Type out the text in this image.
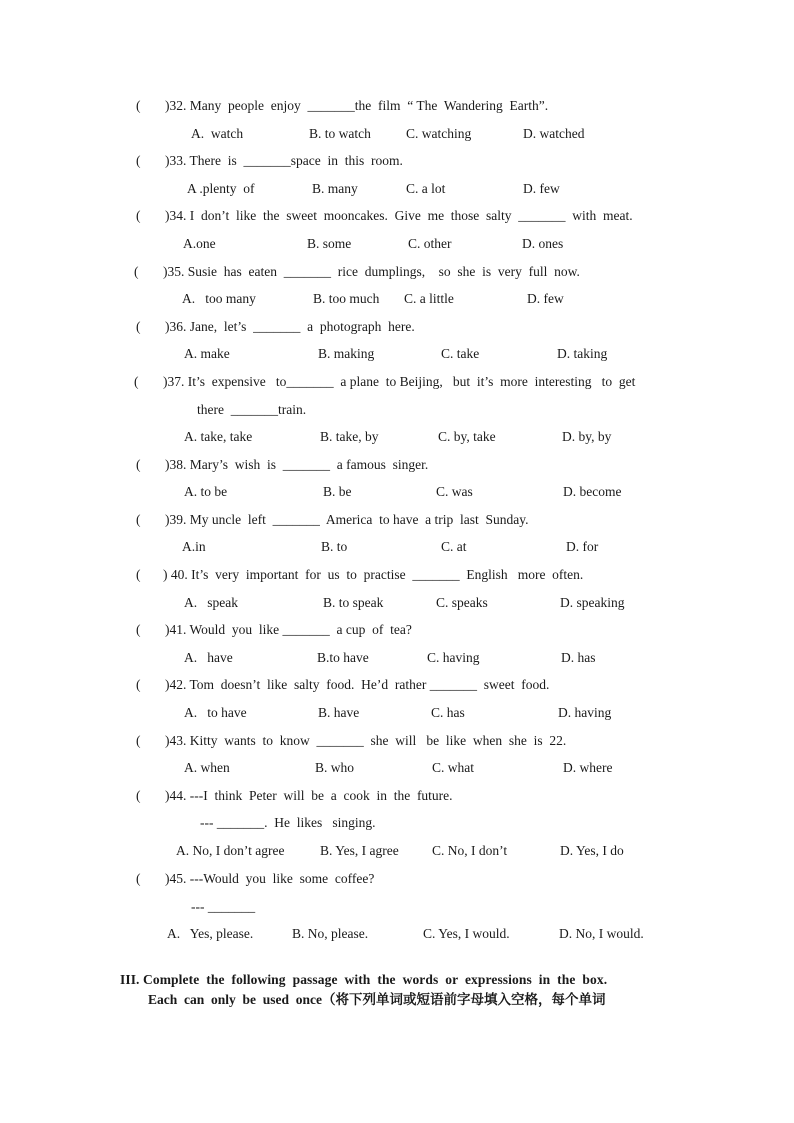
( )32. Many  people  enjoy  _______the  film  “ The  Wandering  Earth”.
A.  watch	B. to watch	C. watching	D. watched
( )33. There  is  _______space  in  this  room.
A .plenty  of	B. many	C. a lot	D. few
( )34. I  don’t  like  the  sweet  mooncakes.  Give  me  those  salty  _______  with  meat.
A.one	B. some	C. other	D. ones
( )35. Susie  has  eaten  _______  rice  dumplings,    so  she  is  very  full  now.
A.   too many	B. too much C. a little	D. few
( )36. Jane,  let’s  _______  a  photograph  here.
A. make	B. making	C. take	D. taking
( )37. It’s  expensive   to_______  a plane  to Beijing,   but  it’s  more  interesting   to  get
there  _______train.
A. take, take	B. take, by	C. by, take	D. by, by
( )38. Mary’s  wish  is  _______  a famous  singer.
A. to be	B. be	C. was	D. become
( )39. My uncle  left  _______  America  to have  a trip  last  Sunday.
A.in	B. to	C. at	D. for
( ) 40. It’s  very  important  for  us  to  practise  _______  English   more  often.
A.   speak	B. to speak	C. speaks	D. speaking
( )41. Would  you  like _______  a cup  of  tea?
A.   have	B.to have	C. having	D. has
( )42. Tom  doesn’t  like  salty  food.  He’d  rather _______  sweet  food.
A.   to have	B. have	C. has	D. having
( )43. Kitty  wants  to  know  _______  she  will   be  like  when  she  is  22.
A. when	B. who	C. what	D. where
( )44. ---I  think  Peter  will  be  a  cook  in  the  future.
--- _______.  He  likes   singing.
A. No, I don’t agree	B. Yes, I agree C. No, I don’t	D. Yes, I do
( )45. ---Would  you  like  some  coffee?
--- _______
A.   Yes, please.	B. No, please.	C. Yes, I would.	D. No, I would.
III. Complete  the  following  passage  with  the  words  or  expressions  in  the  box.
Each  can  only  be  used  once（将下列单词或短语前字母填入空格，每个单词
